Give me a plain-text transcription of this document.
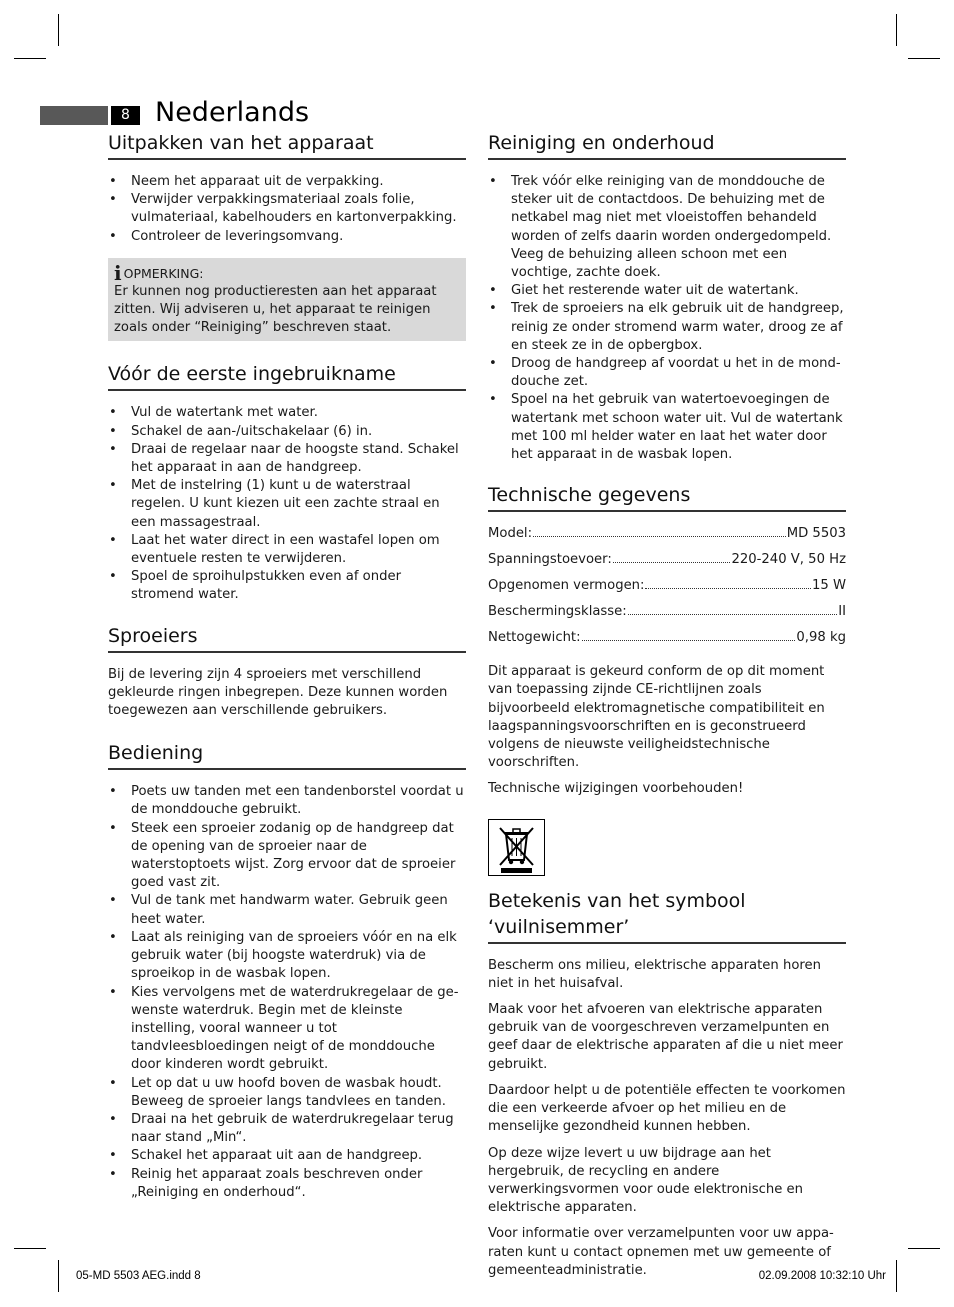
8 Nederlands
Uitpakken van het apparaat
• Neem het apparaat uit de verpakking.
• Verwijder verpakkingsmateriaal zoals folie, vulmateriaal, kabelhouders en kartonverpakking.
• Controleer de leveringsomvang.
iOPMERKING:

Er kunnen nog productieresten aan het apparaat zitten. Wij adviseren u, het apparaat te reinigen zoals onder “Reiniging” beschreven staat.

Vóór de eerste ingebruikname
• Vul de watertank met water.
• Schakel de aan-/uitschakelaar (6) in.
• Draai de regelaar naar de hoogste stand. Schakel het apparaat in aan de handgreep.
• Met de instelring (1) kunt u de waterstraal regelen. U kunt kiezen uit een zachte straal en een massagestraal.
• Laat het water direct in een wastafel lopen om eventuele resten te verwijderen.
• Spoel de sproihulpstukken even af onder stromend water.
Sproeiers

Bij de levering zijn 4 sproeiers met verschillend gekleurde ringen inbegrepen. Deze kunnen worden toegewezen aan verschillende gebruikers.

Bediening
• Poets uw tanden met een tandenborstel voordat u de monddouche gebruikt.
• Steek een sproeier zodanig op de handgreep dat de opening van de sproeier naar de waterstoptoets wijst. Zorg ervoor dat de sproeier goed vast zit.
• Vul de tank met handwarm water. Gebruik geen heet water.
• Laat als reiniging van de sproeiers vóór en na elk gebruik water (bij hoogste waterdruk) via de sproeikop in de wasbak lopen.
• Kies vervolgens met de waterdrukregelaar de gewenste waterdruk. Begin met de kleinste instelling, vooral wanneer u tot tandvleesbloedingen neigt of de monddouche door kinderen wordt gebruikt.
• Let op dat u uw hoofd boven de wasbak houdt. Beweeg de sproeier langs tandvlees en tanden.
• Draai na het gebruik de waterdrukregelaar terug naar stand „Min“.
• Schakel het apparaat uit aan de handgreep.
• Reinig het apparaat zoals beschreven onder „Reiniging en onderhoud“.
Reiniging en onderhoud
• Trek vóór elke reiniging van de monddouche de steker uit de contactdoos. De behuizing met de netkabel mag niet met vloeistoffen behandeld worden of zelfs daarin worden ondergedompeld. Veeg de behuizing alleen schoon met een vochtige, zachte doek.
• Giet het resterende water uit de watertank.
• Trek de sproeiers na elk gebruik uit de handgreep, reinig ze onder stromend warm water, droog ze af en steek ze in de opbergbox.
• Droog de handgreep af voordat u het in de monddouche zet.
• Spoel na het gebruik van watertoevoegingen de watertank met schoon water uit. Vul de watertank met 100 ml helder water en laat het water door het apparaat in de wasbak lopen.
Technische gegevens
Model:	MD 5503
Spanningstoevoer:	220-240 V, 50 Hz
Opgenomen vermogen:	15 W
Beschermingsklasse:	II
Nettogewicht:	0,98 kg

Dit apparaat is gekeurd conform de op dit moment van toepassing zijnde CE-richtlijnen zoals bijvoorbeeld elektromagnetische compatibiliteit en laagspanningsvoorschriften en is geconstrueerd volgens de nieuwste veiligheidstechnische voorschriften.

Technische wijzigingen voorbehouden!

Betekenis van het symbool ‘vuilnisemmer’

Bescherm ons milieu, elektrische apparaten horen niet in het huisafval.

Maak voor het afvoeren van elektrische apparaten gebruik van de voorgeschreven verzamelpunten en geef daar de elektrische apparaten af die u niet meer gebruikt.

Daardoor helpt u de potentiële effecten te voorkomen die een verkeerde afvoer op het milieu en de menselijke gezondheid kunnen hebben.

Op deze wijze levert u uw bijdrage aan het hergebruik, de recycling en andere verwerkingsvormen voor oude elektronische en elektrische apparaten.

Voor informatie over verzamelpunten voor uw apparaten kunt u contact opnemen met uw gemeente of gemeenteadministratie.

05-MD 5503 AEG.indd 8	02.09.2008 10:32:10 Uhr
